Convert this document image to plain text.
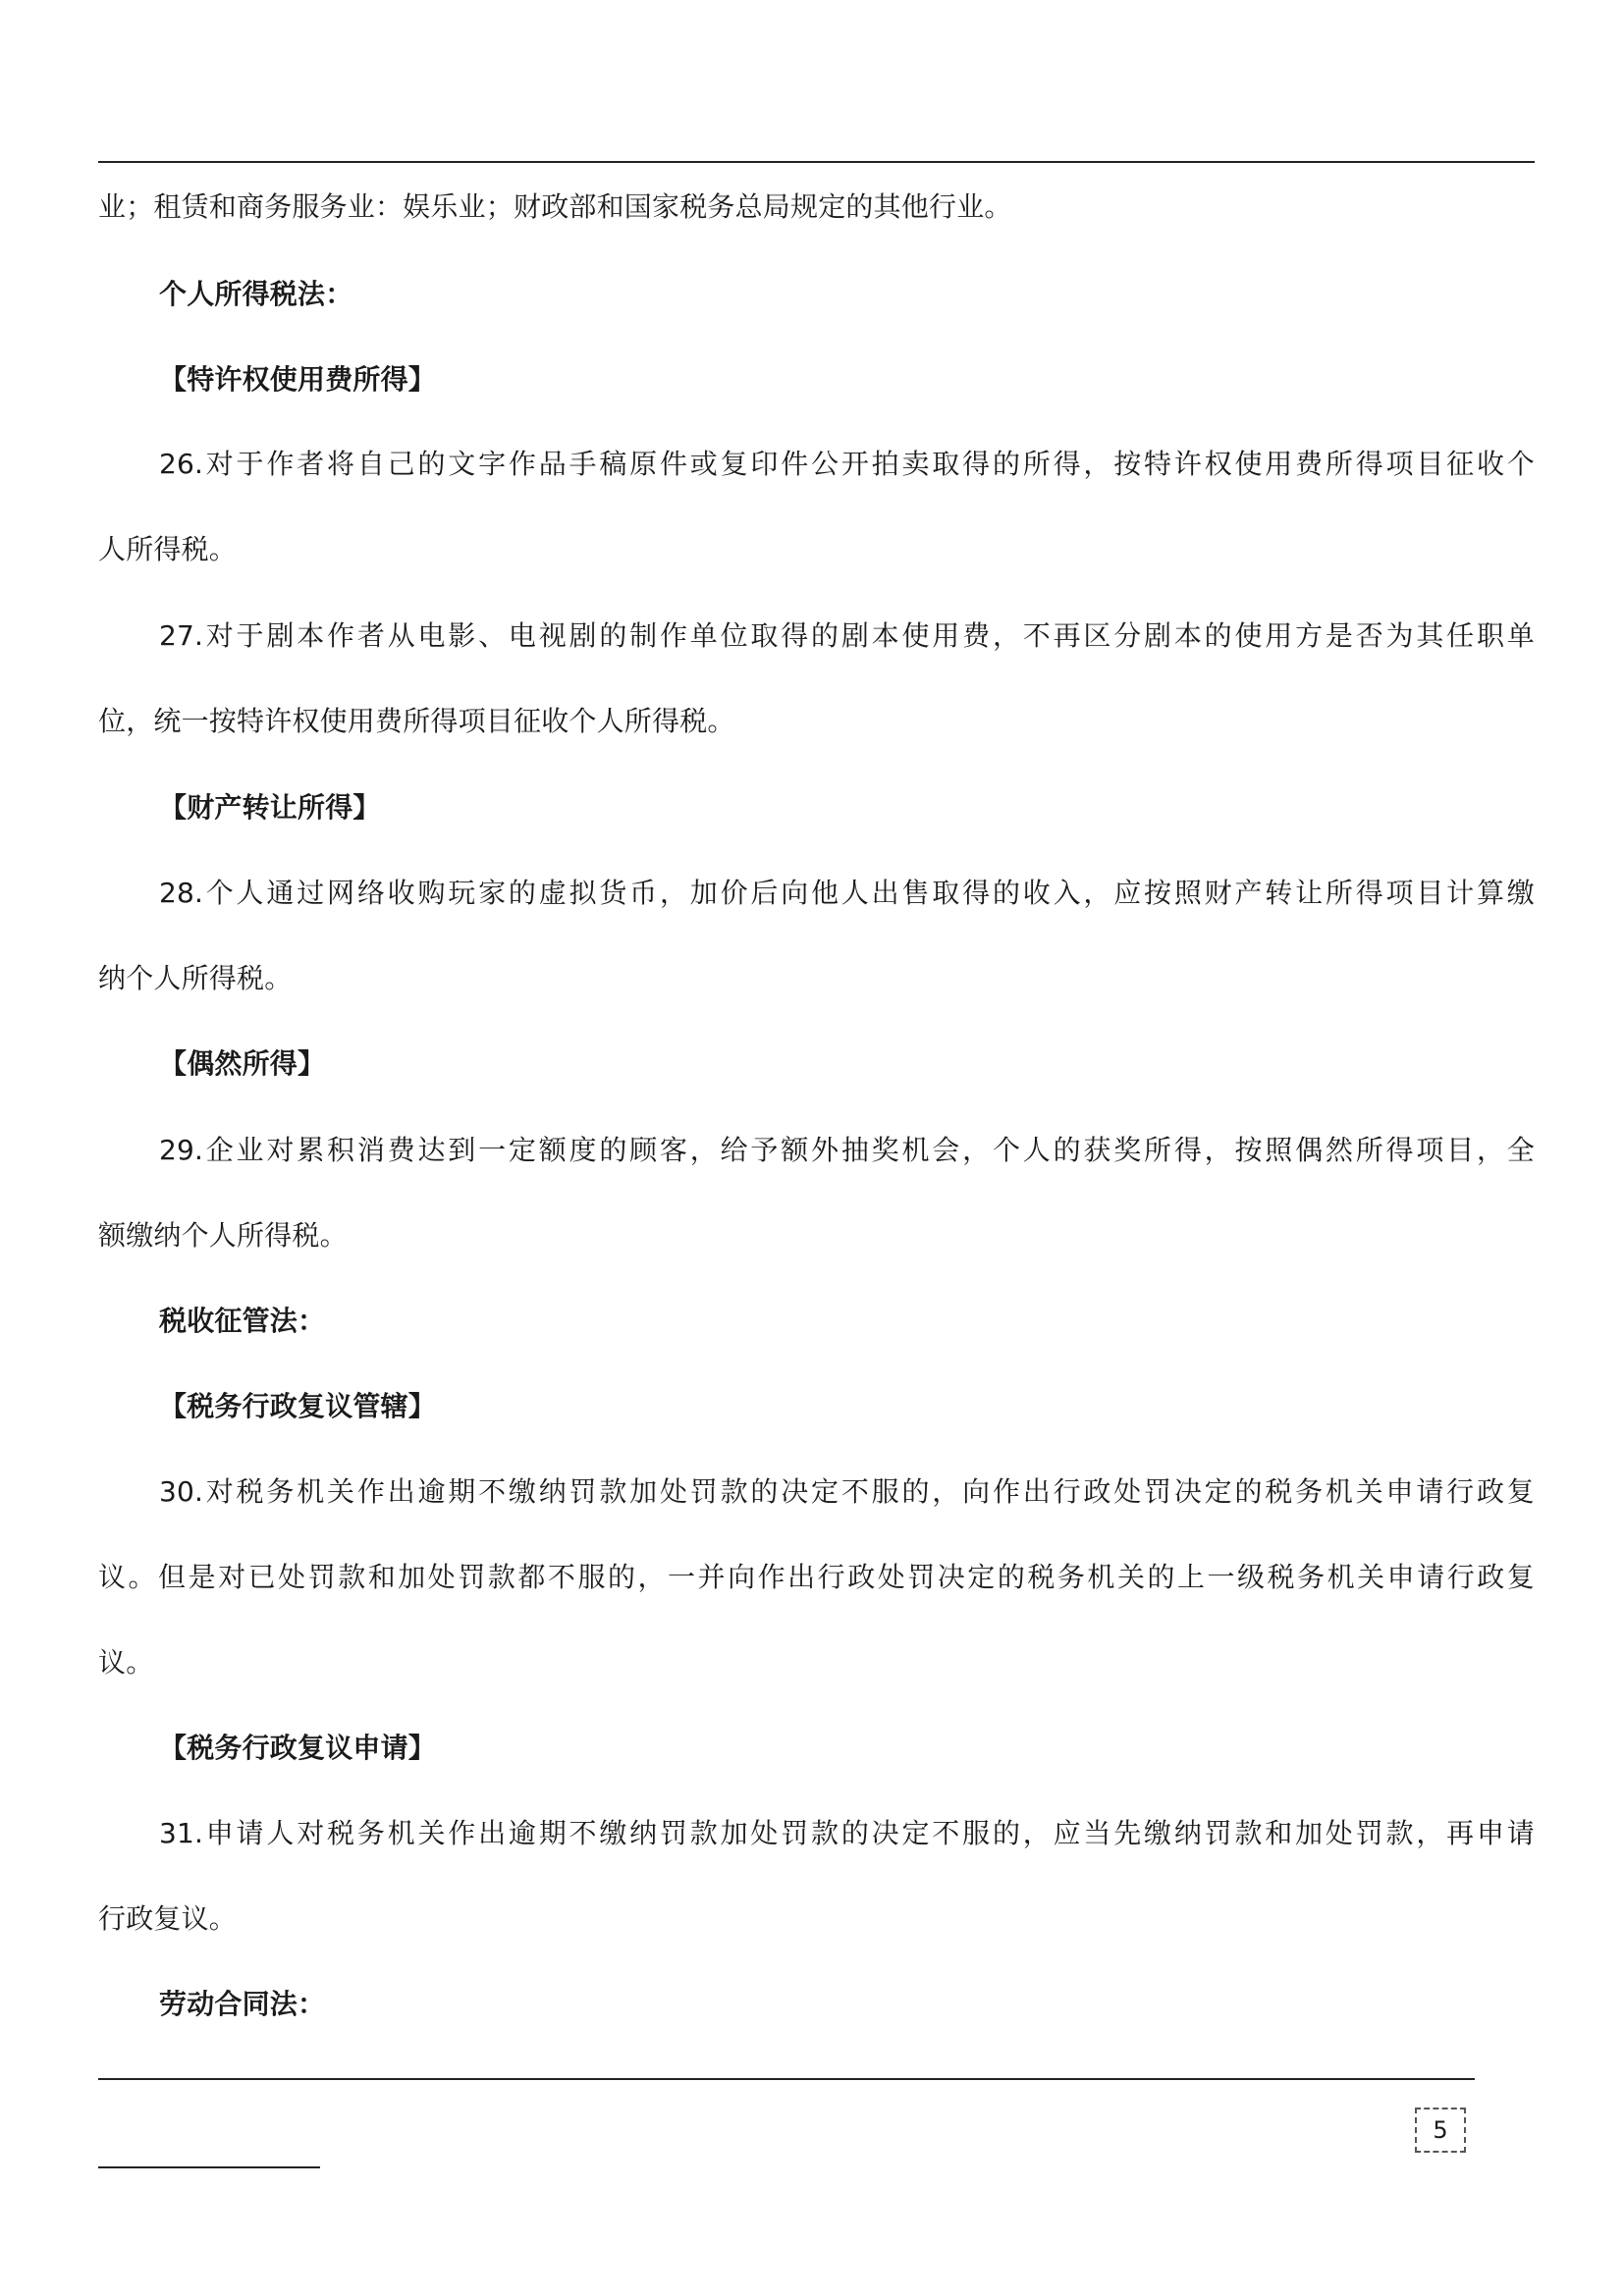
业；租赁和商务服务业：娱乐业；财政部和国家税务总局规定的其他行业。
个人所得税法：
【特许权使用费所得】
26.对于作者将自己的文字作品手稿原件或复印件公开拍卖取得的所得，按特许权使用费所得项目征收个
人所得税。
27.对于剧本作者从电影、电视剧的制作单位取得的剧本使用费，不再区分剧本的使用方是否为其任职单
位，统一按特许权使用费所得项目征收个人所得税。
【财产转让所得】
28.个人通过网络收购玩家的虚拟货币，加价后向他人出售取得的收入，应按照财产转让所得项目计算缴
纳个人所得税。
【偶然所得】
29.企业对累积消费达到一定额度的顾客，给予额外抽奖机会，个人的获奖所得，按照偶然所得项目，全
额缴纳个人所得税。
税收征管法：
【税务行政复议管辖】
30.对税务机关作出逾期不缴纳罚款加处罚款的决定不服的，向作出行政处罚决定的税务机关申请行政复
议。但是对已处罚款和加处罚款都不服的，一并向作出行政处罚决定的税务机关的上一级税务机关申请行政复
议。
【税务行政复议申请】
31.申请人对税务机关作出逾期不缴纳罚款加处罚款的决定不服的，应当先缴纳罚款和加处罚款，再申请
行政复议。
劳动合同法：
5
